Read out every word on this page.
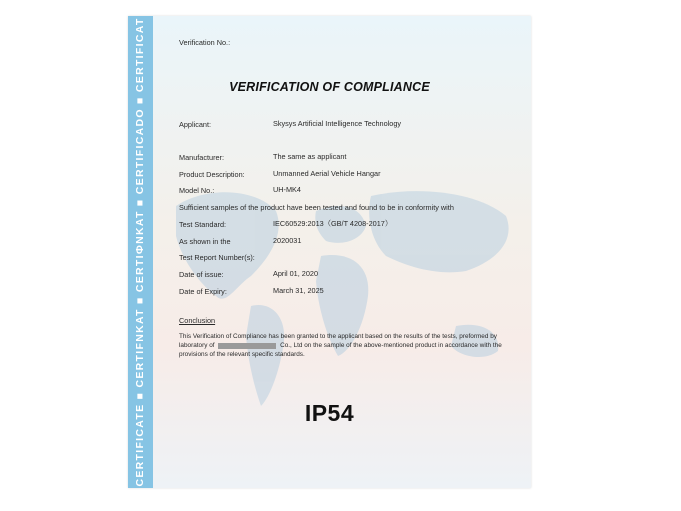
CERTIFICATE ■ CERTIFNKAT ■ CERTIФNKAT ■ CERTIFICADO ■ CERTIFICAT	Verification No.:
VERIFICATION OF COMPLIANCE
Applicant:	Skysys Artificial Intelligence Technology
Manufacturer:	The same as applicant
Product Description:	Unmanned Aerial Vehicle Hangar
Model No.:	UH-MK4
Sufficient samples of the product have been tested and found to be in conformity with
Test Standard:	IEC60529:2013（GB/T 4208-2017）
As shown in the	2020031
Test Report Number(s):
Date of issue:	April 01, 2020
Date of Expiry:	March 31, 2025
Conclusion
This Verification of Compliance has been granted to the applicant based on the results of the tests, preformed by laboratory of	Co., Ltd on the sample of the above-mentioned product in accordance with the provisions of the relevant specific standards.
IP54
